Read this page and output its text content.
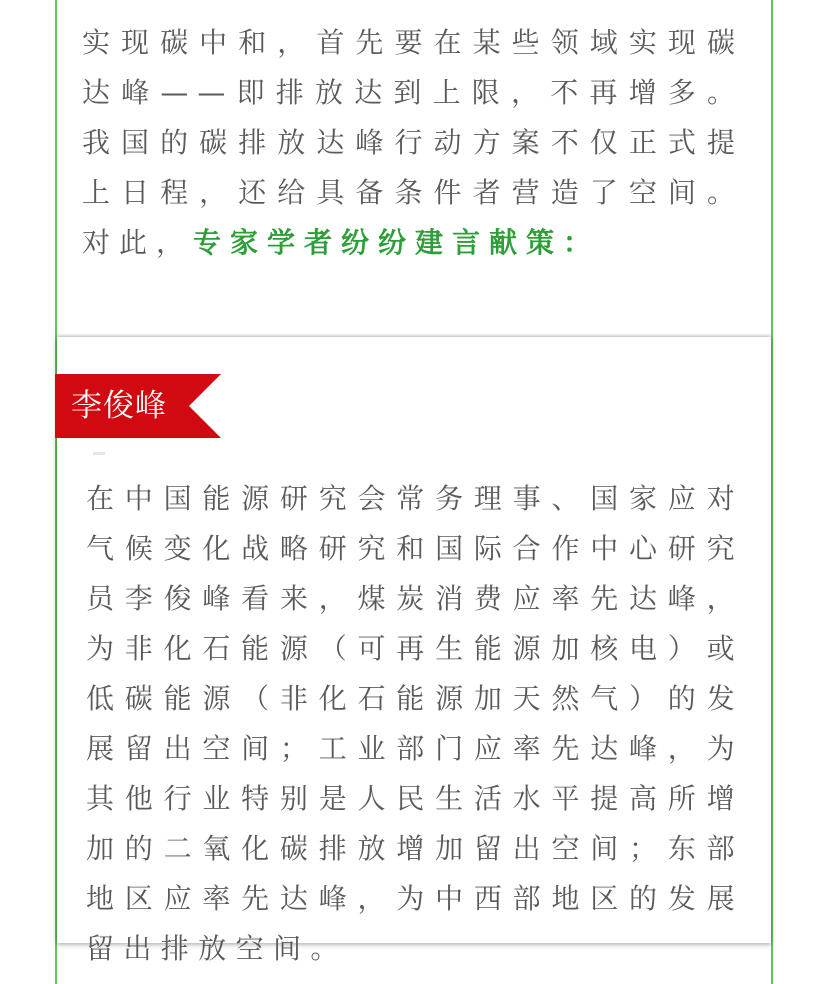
实现碳中和，首先要在某些领域实现碳达峰——即排放达到上限，不再增多。我国的碳排放达峰行动方案不仅正式提上日程，还给具备条件者营造了空间。对此，专家学者纷纷建言献策：
李俊峰
在中国能源研究会常务理事、国家应对气候变化战略研究和国际合作中心研究员李俊峰看来，煤炭消费应率先达峰，为非化石能源（可再生能源加核电）或低碳能源（非化石能源加天然气）的发展留出空间；工业部门应率先达峰，为其他行业特别是人民生活水平提高所增加的二氧化碳排放增加留出空间；东部地区应率先达峰，为中西部地区的发展留出排放空间。
